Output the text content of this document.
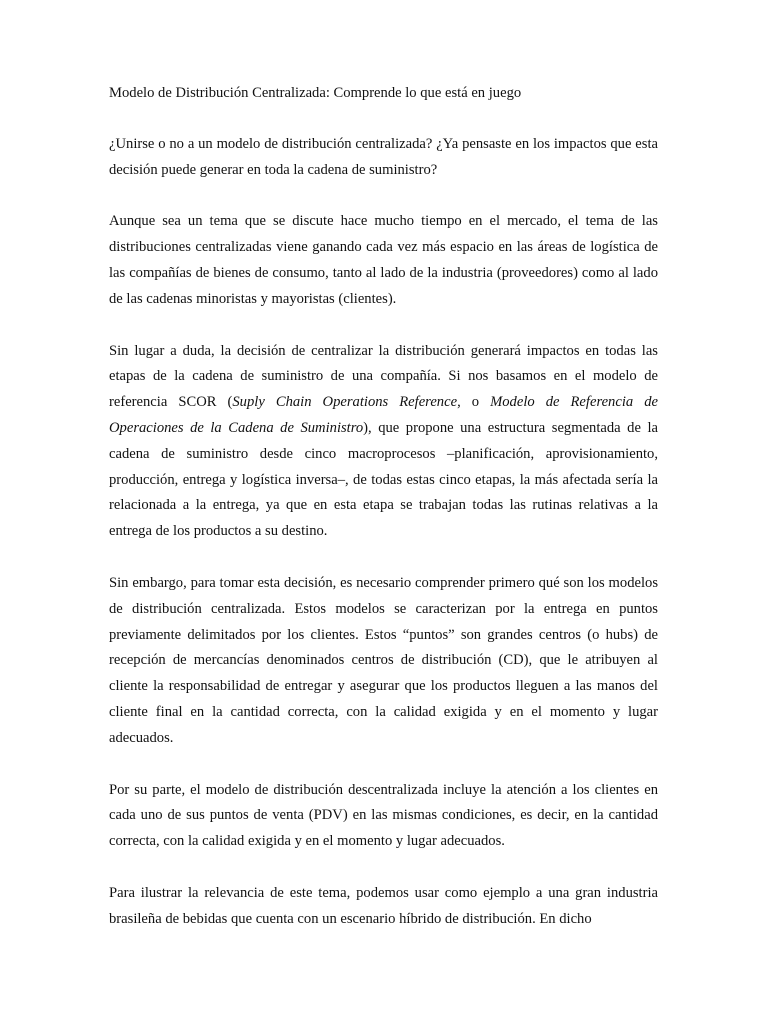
Modelo de Distribución Centralizada: Comprende lo que está en juego

¿Unirse o no a un modelo de distribución centralizada? ¿Ya pensaste en los impactos que esta decisión puede generar en toda la cadena de suministro?

Aunque sea un tema que se discute hace mucho tiempo en el mercado, el tema de las distribuciones centralizadas viene ganando cada vez más espacio en las áreas de logística de las compañías de bienes de consumo, tanto al lado de la industria (proveedores) como al lado de las cadenas minoristas y mayoristas (clientes).

Sin lugar a duda, la decisión de centralizar la distribución generará impactos en todas las etapas de la cadena de suministro de una compañía. Si nos basamos en el modelo de referencia SCOR (Suply Chain Operations Reference, o Modelo de Referencia de Operaciones de la Cadena de Suministro), que propone una estructura segmentada de la cadena de suministro desde cinco macroprocesos –planificación, aprovisionamiento, producción, entrega y logística inversa–, de todas estas cinco etapas, la más afectada sería la relacionada a la entrega, ya que en esta etapa se trabajan todas las rutinas relativas a la entrega de los productos a su destino.

Sin embargo, para tomar esta decisión, es necesario comprender primero qué son los modelos de distribución centralizada. Estos modelos se caracterizan por la entrega en puntos previamente delimitados por los clientes. Estos “puntos” son grandes centros (o hubs) de recepción de mercancías denominados centros de distribución (CD), que le atribuyen al cliente la responsabilidad de entregar y asegurar que los productos lleguen a las manos del cliente final en la cantidad correcta, con la calidad exigida y en el momento y lugar adecuados.

Por su parte, el modelo de distribución descentralizada incluye la atención a los clientes en cada uno de sus puntos de venta (PDV) en las mismas condiciones, es decir, en la cantidad correcta, con la calidad exigida y en el momento y lugar adecuados.

Para ilustrar la relevancia de este tema, podemos usar como ejemplo a una gran industria brasileña de bebidas que cuenta con un escenario híbrido de distribución. En dicho
